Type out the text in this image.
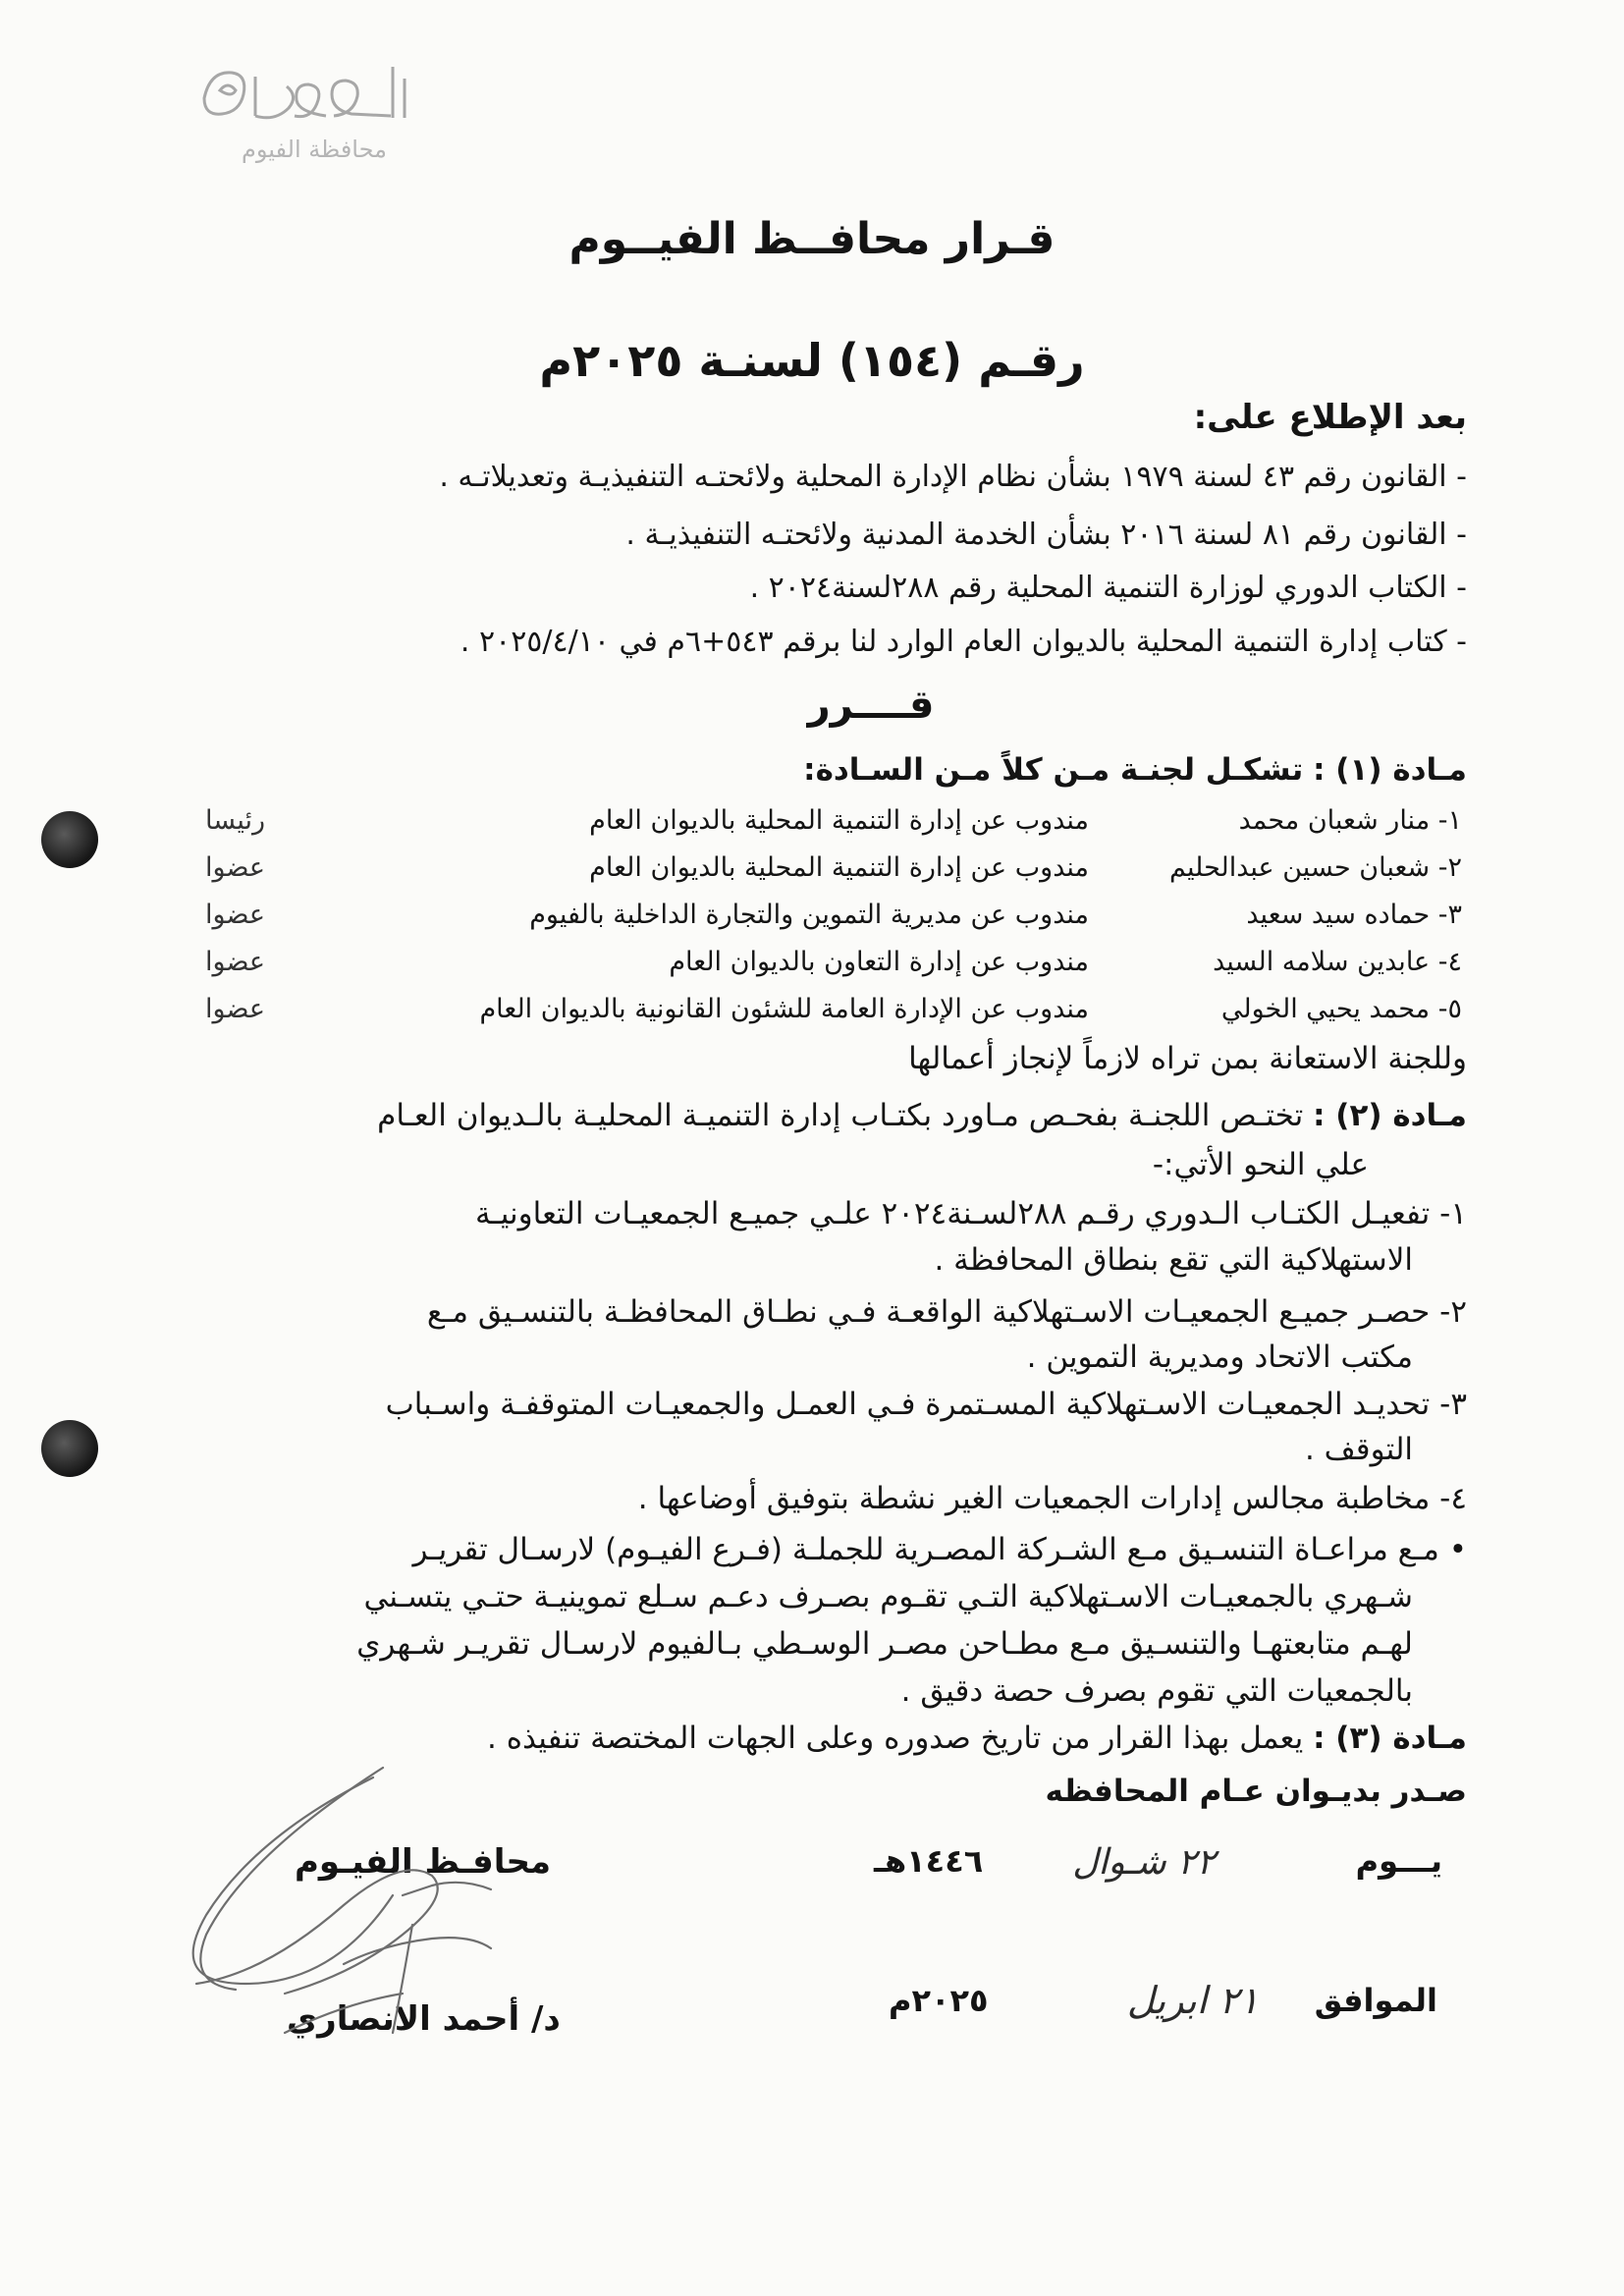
محافظة الفيوم
قـرار محافــظ الفيــوم
رقـم (١٥٤) لسنـة ٢٠٢٥م
بعد الإطلاع على:
- القانون رقم ٤٣ لسنة ١٩٧٩ بشأن نظام الإدارة المحلية ولائحتـه التنفيذيـة وتعديلاتـه .
- القانون رقم ٨١ لسنة ٢٠١٦ بشأن الخدمة المدنية ولائحتـه التنفيذيـة .
- الكتاب الدوري لوزارة التنمية المحلية رقم ٢٨٨لسنة٢٠٢٤ .
- كتاب إدارة التنمية المحلية بالديوان العام الوارد لنا برقم ٥٤٣+٦م في ٢٠٢٥/٤/١٠ .
قــــرر
مـادة (١) : تشكـل لجنـة مـن كلاً مـن السـادة:
١- منار شعبان محمد
مندوب عن إدارة التنمية المحلية بالديوان العام
رئيسا
٢- شعبان حسين عبدالحليم
مندوب عن إدارة التنمية المحلية بالديوان العام
عضوا
٣- حماده سيد سعيد
مندوب عن مديرية التموين والتجارة الداخلية بالفيوم
عضوا
٤- عابدين سلامه السيد
مندوب عن إدارة التعاون بالديوان العام
عضوا
٥- محمد يحيي الخولي
مندوب عن الإدارة العامة للشئون القانونية بالديوان العام
عضوا
وللجنة الاستعانة بمن تراه لازماً لإنجاز أعمالها
مـادة (٢) : تختـص اللجنـة بفحـص مـاورد بكتـاب إدارة التنميـة المحليـة بالـديوان العـام
علي النحو الأتي:-
١- تفعيـل الكتـاب الـدوري رقـم ٢٨٨لسـنة٢٠٢٤ علـي جميـع الجمعيـات التعاونيـة
الاستهلاكية التي تقع بنطاق المحافظة .
٢- حصـر جميـع الجمعيـات الاسـتهلاكية الواقعـة فـي نطـاق المحافظـة بالتنسـيق مـع
مكتب الاتحاد ومديرية التموين .
٣- تحديـد الجمعيـات الاسـتهلاكية المسـتمرة فـي العمـل والجمعيـات المتوقفـة واسـباب
التوقف .
٤- مخاطبة مجالس إدارات الجمعيات الغير نشطة بتوفيق أوضاعها .
• مـع مراعـاة التنسـيق مـع الشـركة المصـرية للجملـة (فـرع الفيـوم) لارسـال تقريـر
شـهري بالجمعيـات الاسـتهلاكية التـي تقـوم بصـرف دعـم سـلع تموينيـة حتـي يتسـني
لهـم متابعتهـا والتنسـيق مـع مطـاحن مصـر الوسـطي بـالفيوم لارسـال تقريـر شـهري
بالجمعيات التي تقوم بصرف حصة دقيق .
مـادة (٣) : يعمل بهذا القرار من تاريخ صدوره وعلى الجهات المختصة تنفيذه .
صـدر بديـوان عـام المحافظه
يـــوم
٢٢ شـوال
١٤٤٦هـ
الموافق
٢١ ابريل
٢٠٢٥م
محافـظ الفيـوم
د/ أحمد الانصاري
